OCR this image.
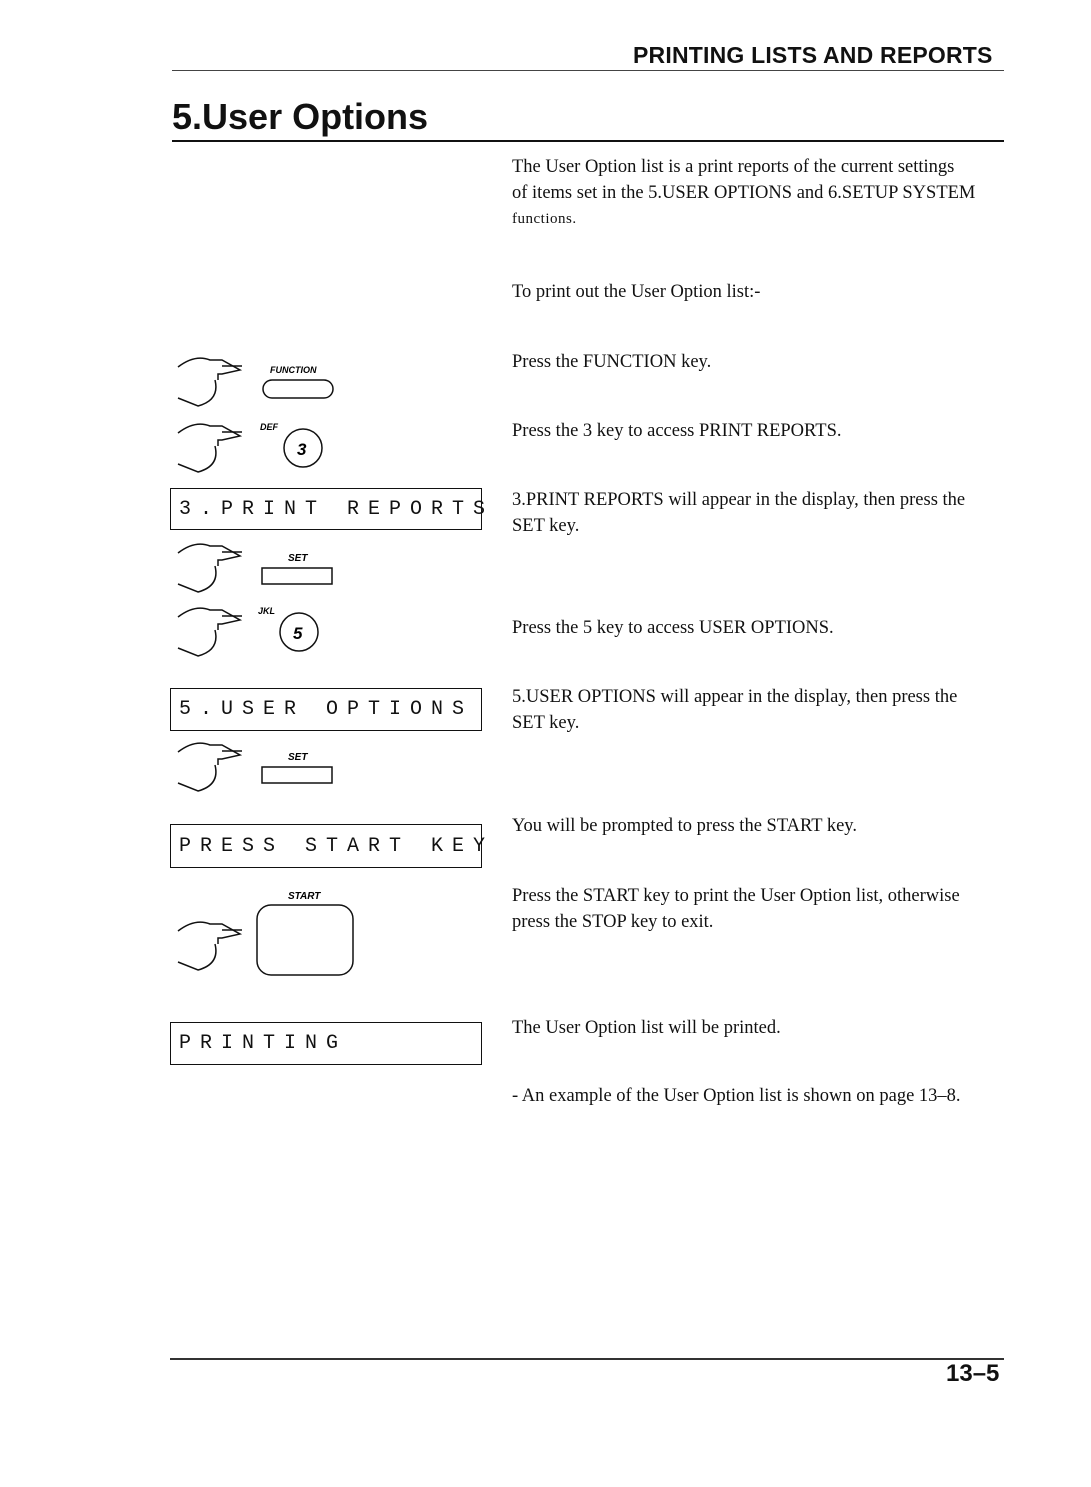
PRINTING LISTS AND REPORTS
5.User Options
The User Option list is a print reports of the current settings
of items set in the 5.USER OPTIONS and 6.SETUP SYSTEM
functions.
To print out the User Option list:-
FUNCTION
3
DEF
3.PRINT REPORTS
SET
5
JKL
5.USER OPTIONS
SET
PRESS START KEY
START
PRINTING
Press the FUNCTION key.
Press the 3 key to access PRINT REPORTS.
3.PRINT REPORTS will appear in the display, then press the
SET key.
Press the 5 key to access USER OPTIONS.
5.USER OPTIONS will appear in the display, then press the
SET key.
You will be prompted to press the START key.
Press the START key to print the User Option list, otherwise
press the STOP key to exit.
The User Option list will be printed.
- An example of the User Option list is shown on page 13–8.
13–5
